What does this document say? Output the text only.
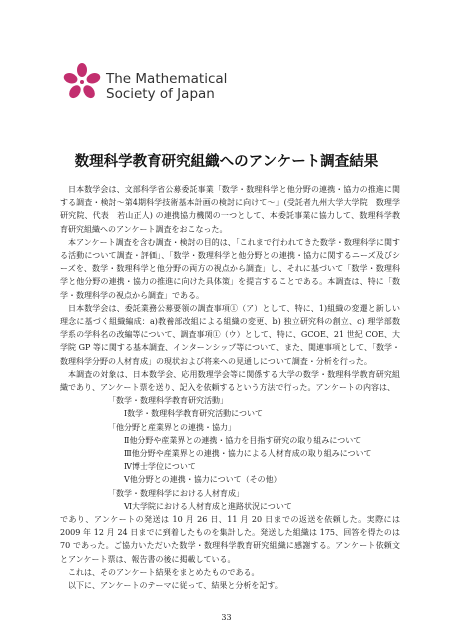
The Mathematical
Society of Japan
数理科学教育研究組織へのアンケート調査結果

日本数学会は、文部科学省公募委託事業「数学・数理科学と他分野の連携・協力の推進に関する調査・検討～第4期科学技術基本計画の検討に向けて～」(受託者九州大学大学院　数理学研究院、代表　若山正人) の連携協力機関の一つとして、本委託事業に協力して、数理科学教育研究組織へのアンケート調査をおこなった。

本アンケート調査を含む調査・検討の目的は、「これまで行われてきた数学・数理科学に関する活動について調査・評価」、「数学・数理科学と他分野との連携・協力に関するニーズ及びシーズを、数学・数理科学と他分野の両方の視点から調査」し、それに基づいて「数学・数理科学と他分野の連携・協力の推進に向けた具体策」を提言することである。本調査は、特に「数学・数理科学の視点から調査」である。

日本数学会は、委託業務公募要領の調査事項①（ア）として、特に、1)組織の変遷と新しい理念に基づく組織編成：a)教養部改組による組織の変更、b) 独立研究科の創立、c) 理学部数学系の学科名の改編等について、調査事項①（ウ）として、特に、GCOE、21 世紀 COE、大学院 GP 等に関する基本調査、インターンシップ等について、また、関連事項として、「数学・数理科学分野の人材育成」の現状および将来への見通しについて調査・分析を行った。

本調査の対象は、日本数学会、応用数理学会等に関係する大学の数学・数理科学教育研究組織であり、アンケート票を送り、記入を依頼するという方法で行った。アンケートの内容は、

「数学・数理科学教育研究活動」
Ⅰ数学・数理科学教育研究活動について
「他分野と産業界との連携・協力」
Ⅱ他分野や産業界との連携・協力を目指す研究の取り組みについて
Ⅲ他分野や産業界との連携・協力による人材育成の取り組みについて
Ⅳ博士学位について
Ⅴ他分野との連携・協力について（その他）
「数学・数理科学における人材育成」
Ⅵ大学院における人材育成と進路状況について

であり、アンケートの発送は 10 月 26 日、11 月 20 日までの返送を依頼した。実際には 2009 年 12 月 24 日までに到着したものを集計した。発送した組織は 175、回答を得たのは 70 であった。ご協力いただいた数学・数理科学教育研究組織に感謝する。アンケート依頼文とアンケート票は、報告書の後に掲載している。

これは、そのアンケート結果をまとめたものである。

以下に、アンケートのテーマに従って、結果と分析を記す。

33
